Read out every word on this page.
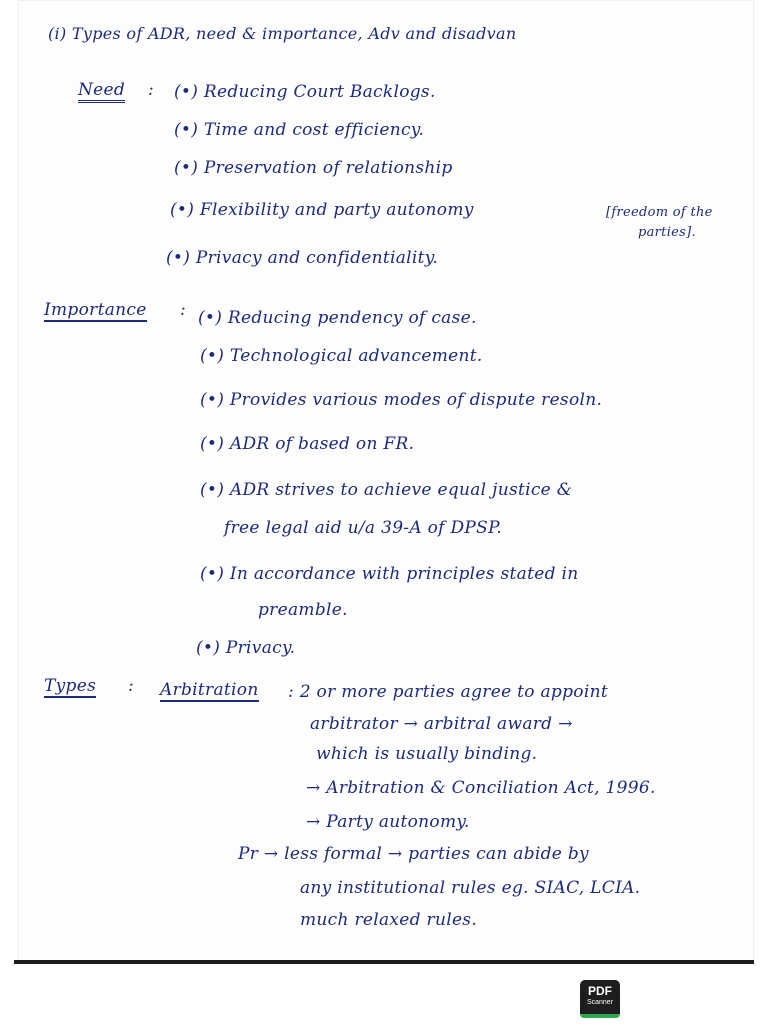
(i) Types of ADR, need & importance, Adv and disadvan
Need : (•) Reducing Court Backlogs.
(•) Time and cost efficiency.
(•) Preservation of relationship
(•) Flexibility and party autonomy	[freedom of the
parties].
(•) Privacy and confidentiality.
Importance : (•) Reducing pendency of case.
(•) Technological advancement.
(•) Provides various modes of dispute resoln.
(•) ADR of based on FR.
(•) ADR strives to achieve equal justice &
free legal aid u/a 39-A of DPSP.
(•) In accordance with principles stated in
preamble.
(•) Privacy.
Types : Arbitration : 2 or more parties agree to appoint
arbitrator → arbitral award →
which is usually binding.
→ Arbitration & Conciliation Act, 1996.
→ Party autonomy.
Pr → less formal → parties can abide by
any institutional rules eg. SIAC, LCIA.
much relaxed rules.
PDF
Scanner
